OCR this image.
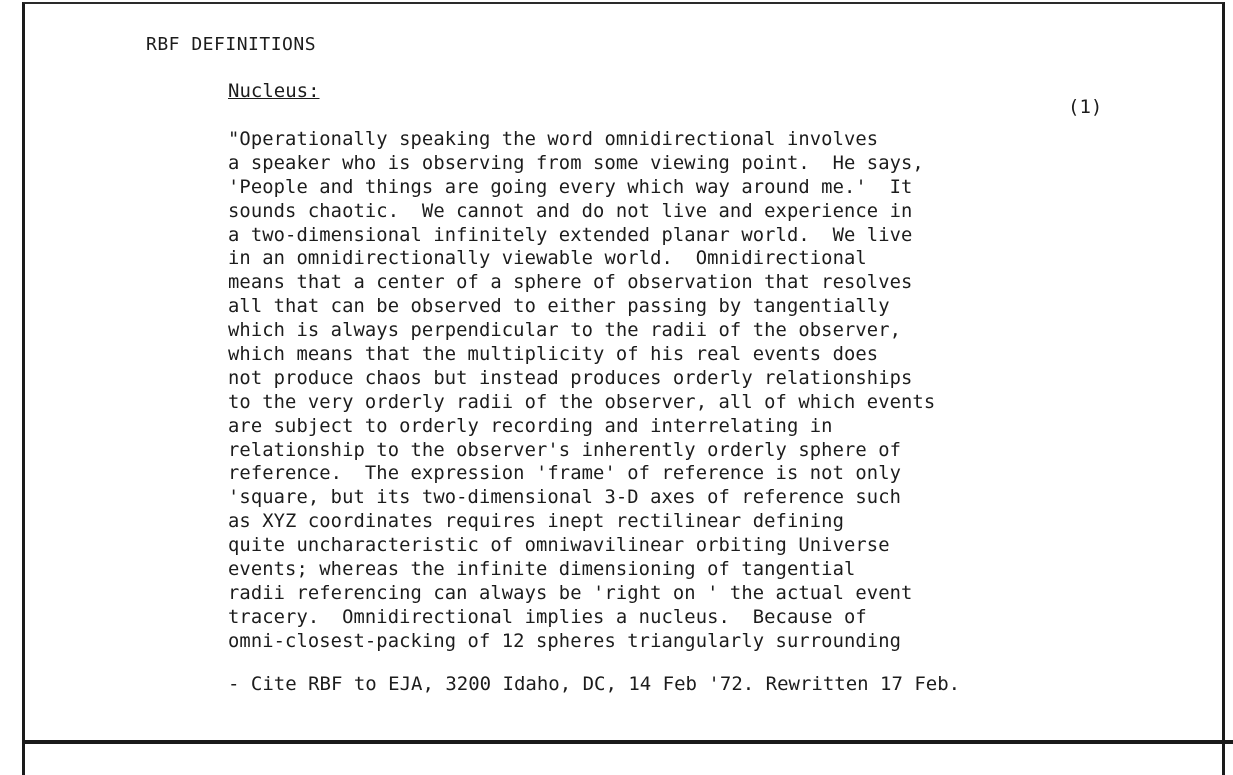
RBF DEFINITIONS
Nucleus:
(1)
"Operationally speaking the word omnidirectional involves
a speaker who is observing from some viewing point.  He says,
'People and things are going every which way around me.'  It
sounds chaotic.  We cannot and do not live and experience in
a two-dimensional infinitely extended planar world.  We live
in an omnidirectionally viewable world.  Omnidirectional
means that a center of a sphere of observation that resolves
all that can be observed to either passing by tangentially
which is always perpendicular to the radii of the observer,
which means that the multiplicity of his real events does
not produce chaos but instead produces orderly relationships
to the very orderly radii of the observer, all of which events
are subject to orderly recording and interrelating in
relationship to the observer's inherently orderly sphere of
reference.  The expression 'frame' of reference is not only
'square, but its two-dimensional 3-D axes of reference such
as XYZ coordinates requires inept rectilinear defining
quite uncharacteristic of omniwavilinear orbiting Universe
events; whereas the infinite dimensioning of tangential
radii referencing can always be 'right on ' the actual event
tracery.  Omnidirectional implies a nucleus.  Because of
omni-closest-packing of 12 spheres triangularly surrounding
- Cite RBF to EJA, 3200 Idaho, DC, 14 Feb '72. Rewritten 17 Feb.
